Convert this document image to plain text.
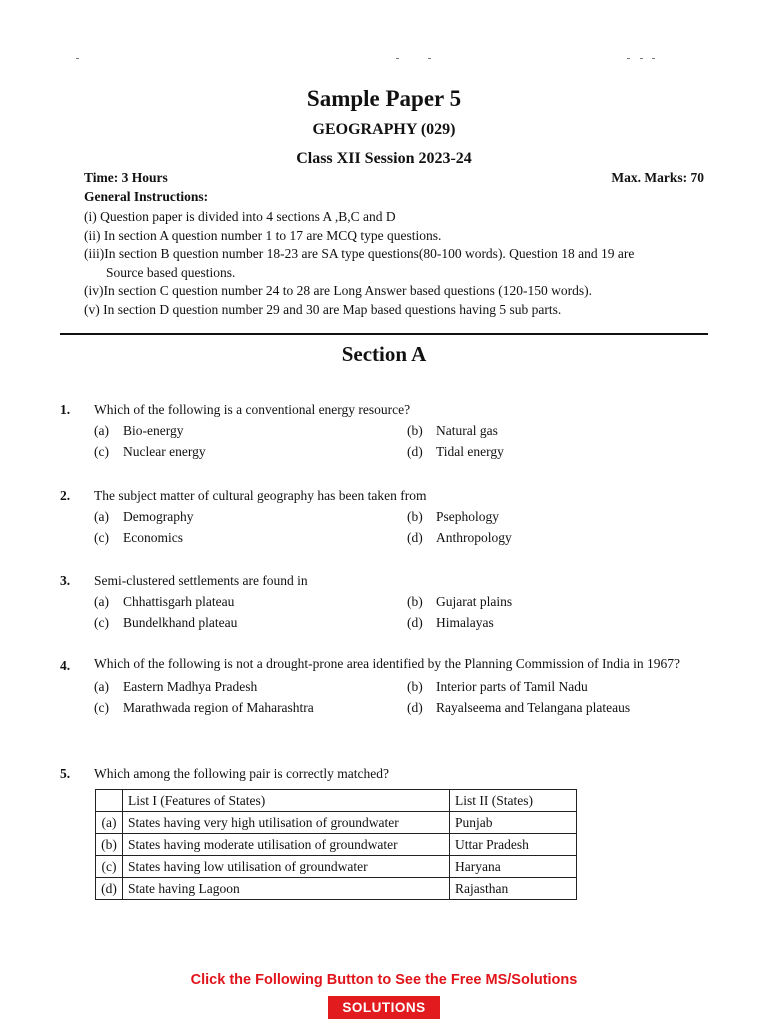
Sample Paper 5
GEOGRAPHY (029)
Class XII Session 2023-24
Time: 3 Hours	Max. Marks: 70
General Instructions:

(i) Question paper is divided into 4 sections A ,B,C and D

(ii) In section A question number 1 to 17 are MCQ type questions.

(iii)In section B question number 18-23 are SA type questions(80-100 words). Question 18 and 19 are

Source based questions.

(iv)In section C question number 24 to 28 are Long Answer based questions (120-150 words).

(v) In section D question number 29 and 30 are Map based questions having 5 sub parts.

Section A
1. Which of the following is a conventional energy resource?
(a) Bio-energy	(b) Natural gas
(c) Nuclear energy	(d) Tidal energy
2. The subject matter of cultural geography has been taken from
(a) Demography	(b) Psephology
(c) Economics	(d) Anthropology
3. Semi-clustered settlements are found in
(a) Chhattisgarh plateau	(b) Gujarat plains
(c) Bundelkhand plateau	(d) Himalayas
4. Which of the following is not a drought-prone area identified by the Planning Commission of India in 1967?
(a) Eastern Madhya Pradesh	(b) Interior parts of Tamil Nadu
(c) Marathwada region of Maharashtra	(d) Rayalseema and Telangana plateaus
5. Which among the following pair is correctly matched?
	List I (Features of States)	List II (States)
(a)	States having very high utilisation of groundwater	Punjab
(b)	States having moderate utilisation of groundwater	Uttar Pradesh
(c)	States having low utilisation of groundwater	Haryana
(d)	State having Lagoon	Rajasthan
Click the Following Button to See the Free MS/Solutions
SOLUTIONS
